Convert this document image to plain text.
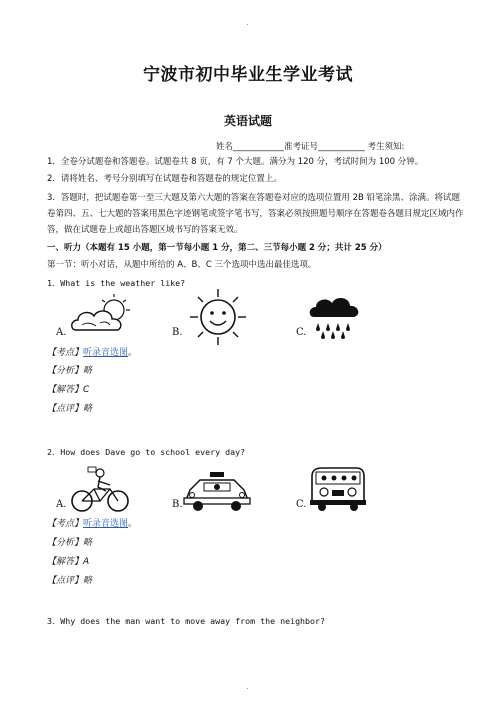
.
宁波市初中毕业生学业考试
英语试题
姓名____________准考证号___________ 考生须知:
1．全卷分试题卷和答题卷。试题卷共 8 页，有 7 个大题。满分为 120 分，考试时间为 100 分钟。
2．请将姓名、考号分别填写在试题卷和答题卷的规定位置上。
3．答题时，把试题卷第一至三大题及第六大题的答案在答题卷对应的选项位置用 2B 铅笔涂黑、涂满。将试题卷第四、五、七大题的答案用黑色字迹钢笔或签字笔书写，答案必须按照题号顺序在答题卷各题目规定区域内作答，做在试题卷上或超出答题区域书写的答案无效。
一、听力（本题有 15 小题，第一节每小题 1 分，第二、三节每小题 2 分；共计 25 分）
第一节：听小对话，从题中所给的 A、B、C 三个选项中选出最佳选项。
1．What is the weather like?
A.	B.	C.
【考点】听录音选图。
【分析】略
【解答】C
【点评】略
2．How does Dave go to school every day?
A.	B.	C.
【考点】听录音选图。
【分析】略
【解答】A
【点评】略
3．Why does the man want to move away from the neighbor?
.
